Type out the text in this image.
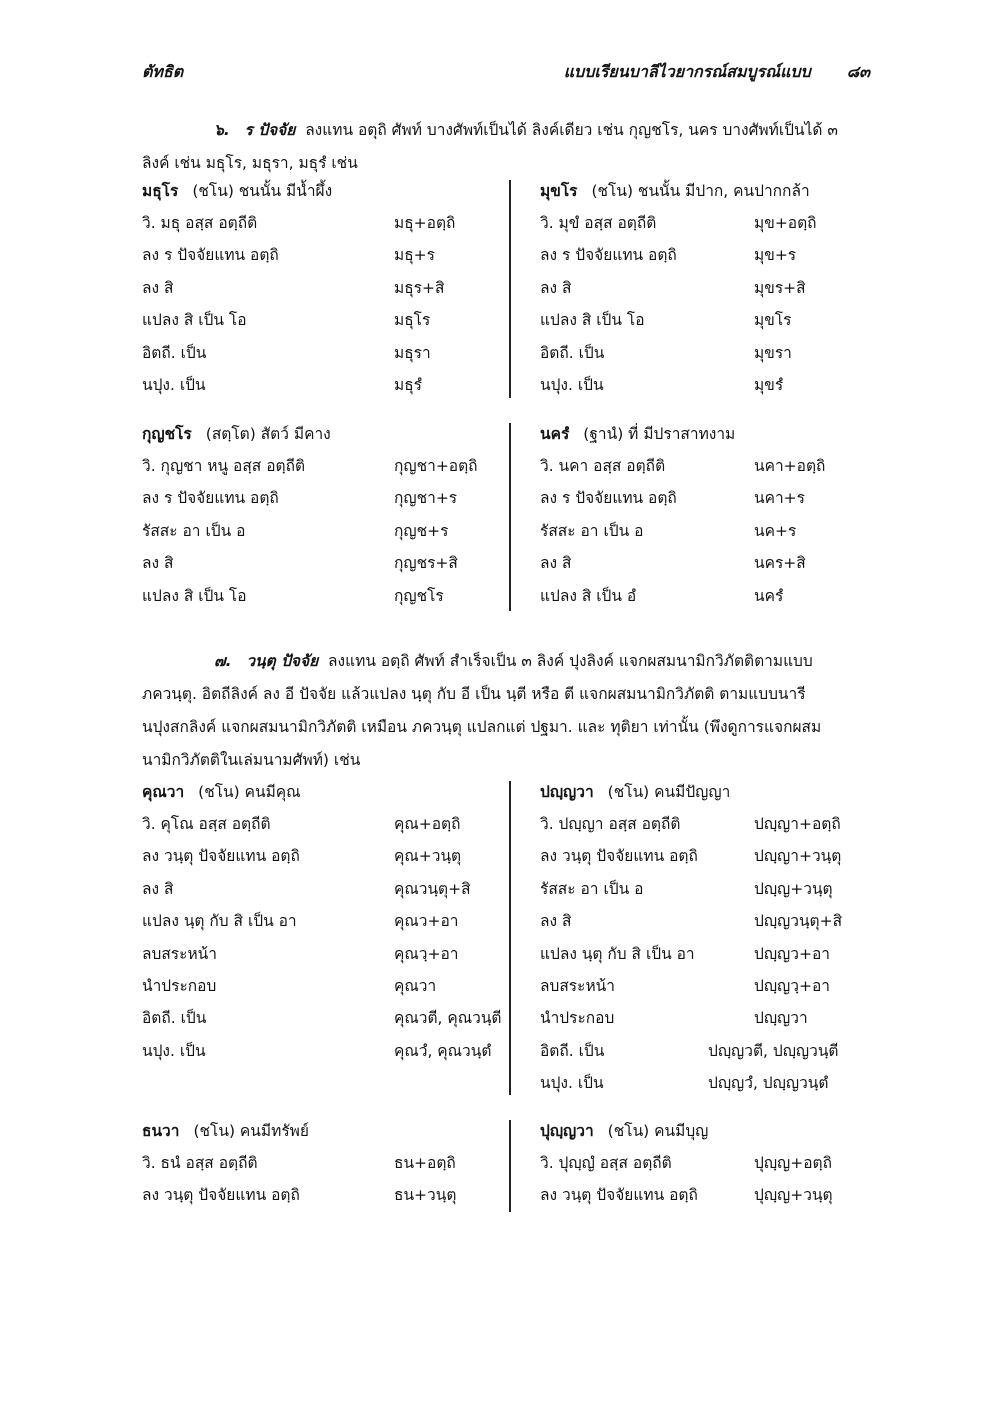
ตัทธิต	แบบเรียนบาลีไวยากรณ์สมบูรณ์แบบ ๘๓
๖. ร ปัจจัย ลงแทน อตุถิ ศัพท์ บางศัพท์เป็นได้ ลิงค์เดียว เช่น กุญชโร, นคร บางศัพท์เป็นได้ ๓
ลิงค์ เช่น มธุโร, มธุรา, มธุรํ เช่น
มธุโร (ชโน) ชนนั้น มีน้ำผึ้ง
วิ. มธุ อสฺส อตฺถีติ	มธุ+อตฺถิ
ลง ร ปัจจัยแทน อตฺถิ	มธุ+ร
ลง สิ	มธุร+สิ
แปลง สิ เป็น โอ	มธุโร
อิตถี. เป็น	มธุรา
นปุง. เป็น	มธุรํ
มุขโร (ชโน) ชนนั้น มีปาก, คนปากกล้า
วิ. มุขํ อสฺส อตฺถีติ	มุข+อตฺถิ
ลง ร ปัจจัยแทน อตฺถิ	มุข+ร
ลง สิ	มุขร+สิ
แปลง สิ เป็น โอ	มุขโร
อิตถี. เป็น	มุขรา
นปุง. เป็น	มุขรํ
กุญชโร (สตฺโต) สัตว์ มีคาง
วิ. กุญชา หนู อสฺส อตฺถีติ	กุญชา+อตฺถิ
ลง ร ปัจจัยแทน อตฺถิ	กุญชา+ร
รัสสะ อา เป็น อ	กุญช+ร
ลง สิ	กุญชร+สิ
แปลง สิ เป็น โอ	กุญชโร
นครํ (ฐานํ) ที่ มีปราสาทงาม
วิ. นคา อสฺส อตฺถีติ	นคา+อตฺถิ
ลง ร ปัจจัยแทน อตฺถิ	นคา+ร
รัสสะ อา เป็น อ	นค+ร
ลง สิ	นคร+สิ
แปลง สิ เป็น อํ	นครํ
๗. วนฺตุ ปัจจัย ลงแทน อตฺถิ ศัพท์ สำเร็จเป็น ๓ ลิงค์ ปุงลิงค์ แจกผสมนามิกวิภัตติตามแบบ
ภควนฺตุ. อิตถีลิงค์ ลง อี ปัจจัย แล้วแปลง นฺตุ กับ อี เป็น นฺตี หรือ ตี แจกผสมนามิกวิภัตติ ตามแบบนารี
นปุงสกลิงค์ แจกผสมนามิกวิภัตติ เหมือน ภควนฺตุ แปลกแต่ ปฐมา. และ ทุติยา เท่านั้น (พึงดูการแจกผสม
นามิกวิภัตติในเล่มนามศัพท์) เช่น
คุณวา (ชโน) คนมีคุณ
วิ. คุโณ อสฺส อตฺถีติ	คุณ+อตฺถิ
ลง วนฺตุ ปัจจัยแทน อตฺถิ	คุณ+วนฺตุ
ลง สิ	คุณวนฺตุ+สิ
แปลง นฺตุ กับ สิ เป็น อา	คุณว+อา
ลบสระหน้า	คุณวฺ+อา
นำประกอบ	คุณวา
อิตถี. เป็น	คุณวตี, คุณวนฺตี
นปุง. เป็น	คุณวํ, คุณวนฺตํ
ปญฺญวา (ชโน) คนมีปัญญา
วิ. ปญฺญา อสฺส อตฺถีติ	ปญฺญา+อตฺถิ
ลง วนฺตุ ปัจจัยแทน อตฺถิ	ปญฺญา+วนฺตุ
รัสสะ อา เป็น อ	ปญฺญ+วนฺตุ
ลง สิ	ปญฺญวนฺตุ+สิ
แปลง นฺตุ กับ สิ เป็น อา	ปญฺญว+อา
ลบสระหน้า	ปญฺญวฺ+อา
นำประกอบ	ปญฺญวา
อิตถี. เป็น	ปญฺญวตี, ปญฺญวนฺตี
นปุง. เป็น	ปญฺญวํ, ปญฺญวนฺตํ
ธนวา (ชโน) คนมีทรัพย์
วิ. ธนํ อสฺส อตฺถีติ	ธน+อตฺถิ
ลง วนฺตุ ปัจจัยแทน อตฺถิ	ธน+วนฺตุ
ปุญฺญวา (ชโน) คนมีบุญ
วิ. ปุญฺญํ อสฺส อตฺถีติ	ปุญฺญ+อตฺถิ
ลง วนฺตุ ปัจจัยแทน อตฺถิ	ปุญฺญ+วนฺตุ
